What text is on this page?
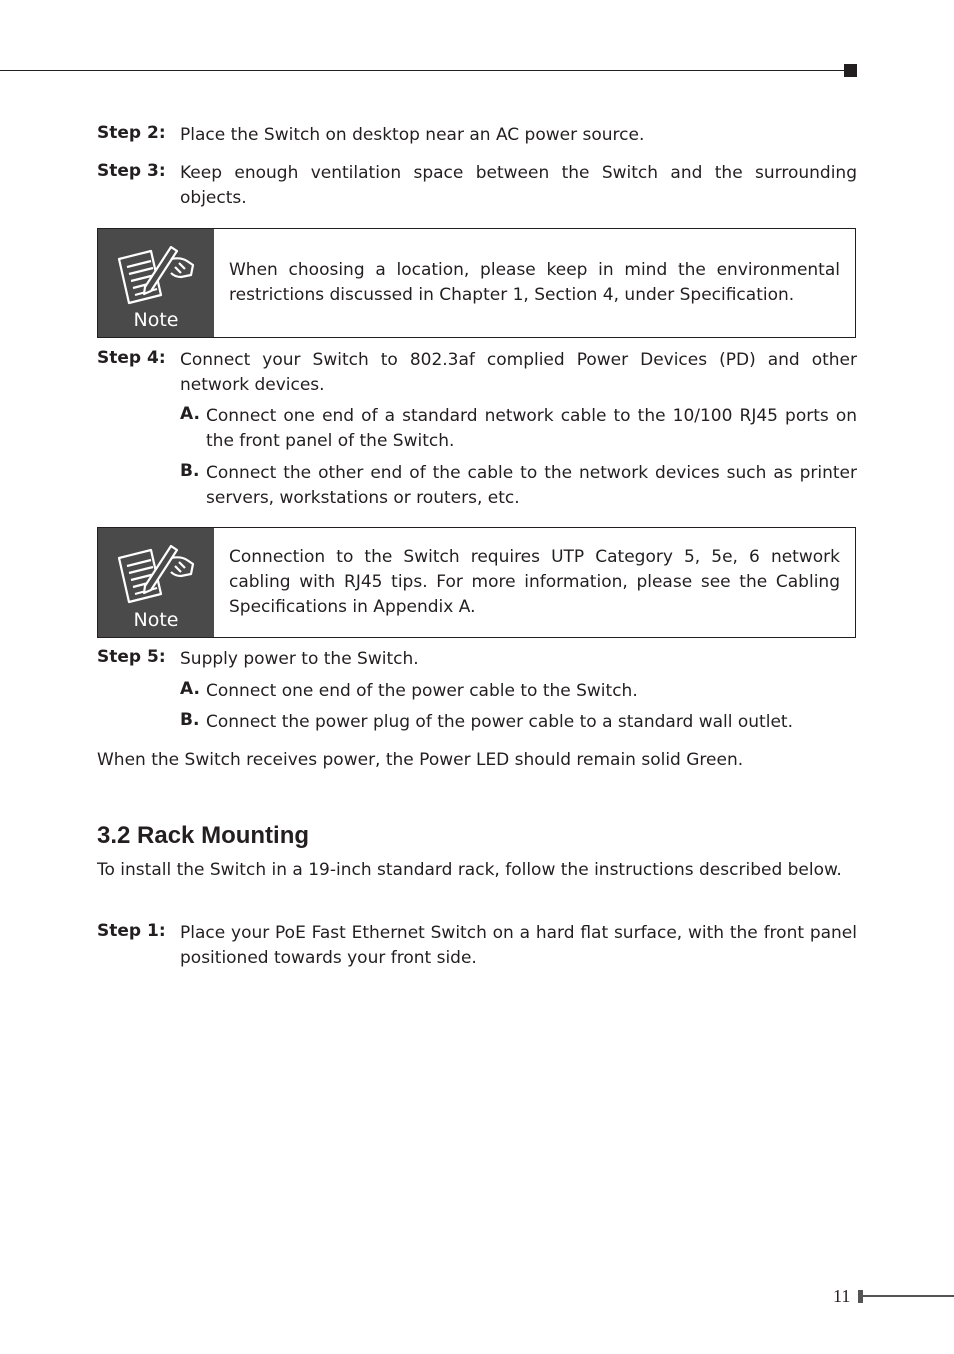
Step 2: Place the Switch on desktop near an AC power source.
Step 3: Keep enough ventilation space between the Switch and the surrounding objects.
Note
When choosing a location, please keep in mind the environmental restrictions discussed in Chapter 1, Section 4, under Specification.
Step 4: Connect your Switch to 802.3af complied Power Devices (PD) and other network devices.
A. Connect one end of a standard network cable to the 10/100 RJ45 ports on the front panel of the Switch.
B. Connect the other end of the cable to the network devices such as printer servers, workstations or routers, etc.
Note
Connection to the Switch requires UTP Category 5, 5e, 6 network cabling with RJ45 tips. For more information, please see the Cabling Specifications in Appendix A.
Step 5: Supply power to the Switch.
A. Connect one end of the power cable to the Switch.
B. Connect the power plug of the power cable to a standard wall outlet.
When the Switch receives power, the Power LED should remain solid Green.
3.2 Rack Mounting
To install the Switch in a 19-inch standard rack, follow the instructions described below.
Step 1: Place your PoE Fast Ethernet Switch on a hard flat surface, with the front panel positioned towards your front side.
11
